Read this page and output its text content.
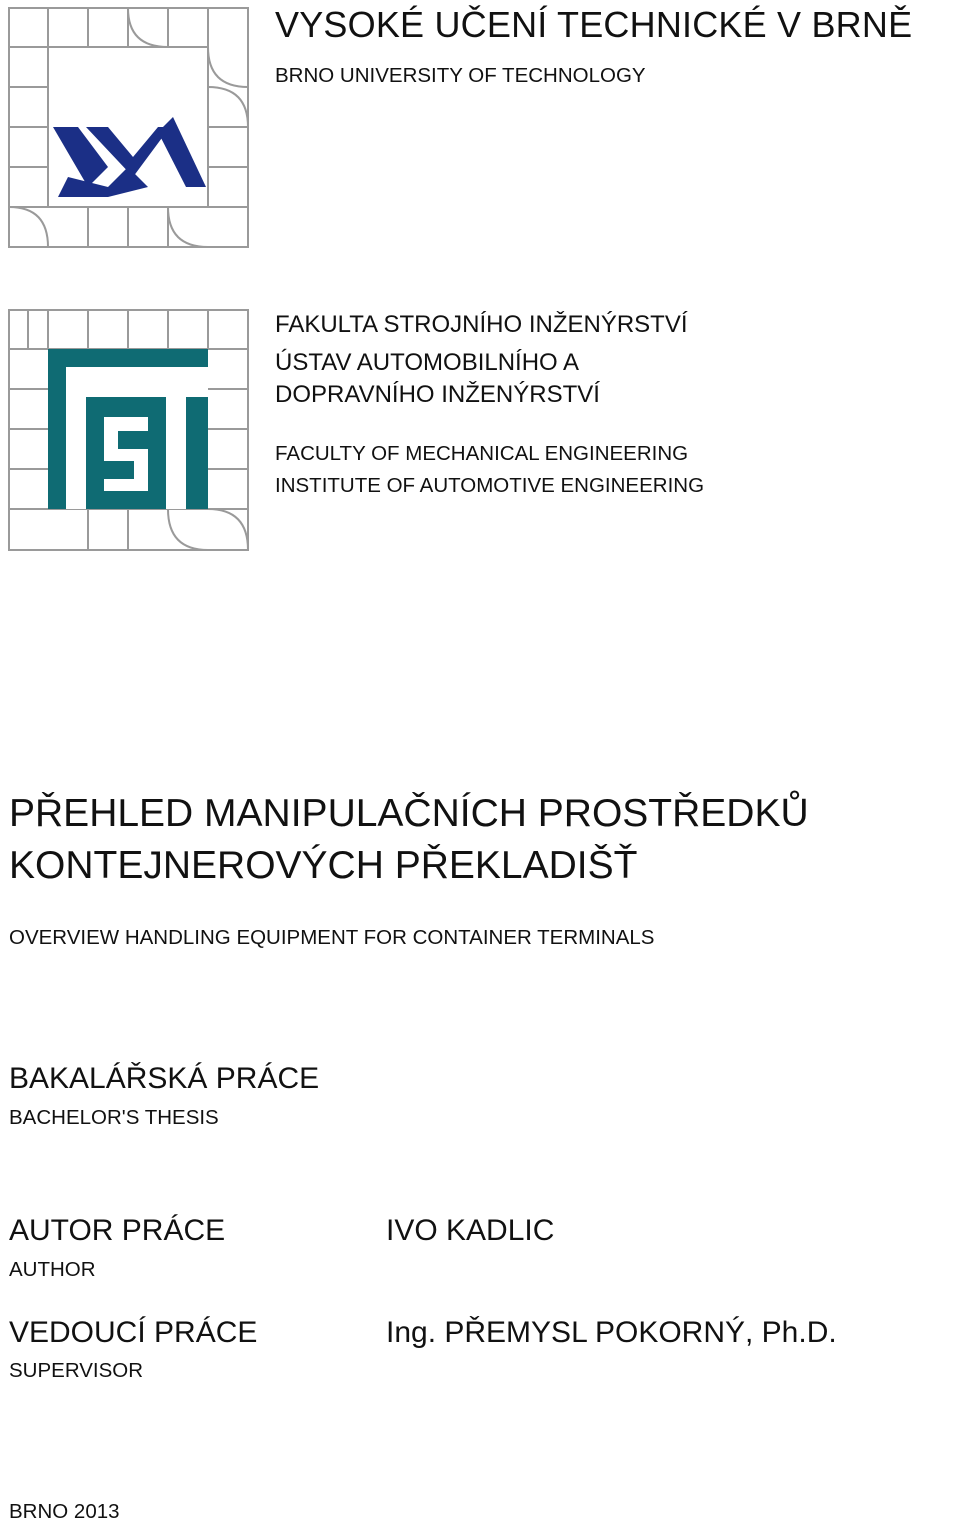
VYSOKÉ UČENÍ TECHNICKÉ V BRNĚ
BRNO UNIVERSITY OF TECHNOLOGY
FAKULTA STROJNÍHO INŽENÝRSTVÍ
ÚSTAV AUTOMOBILNÍHO A
DOPRAVNÍHO INŽENÝRSTVÍ
FACULTY OF MECHANICAL ENGINEERING
INSTITUTE OF AUTOMOTIVE ENGINEERING
PŘEHLED MANIPULAČNÍCH PROSTŘEDKŮ
KONTEJNEROVÝCH PŘEKLADIŠŤ
OVERVIEW HANDLING EQUIPMENT FOR CONTAINER TERMINALS
BAKALÁŘSKÁ PRÁCE
BACHELOR'S THESIS
AUTOR PRÁCE
AUTHOR
IVO KADLIC
VEDOUCÍ PRÁCE
SUPERVISOR
Ing. PŘEMYSL POKORNÝ, Ph.D.
BRNO 2013
